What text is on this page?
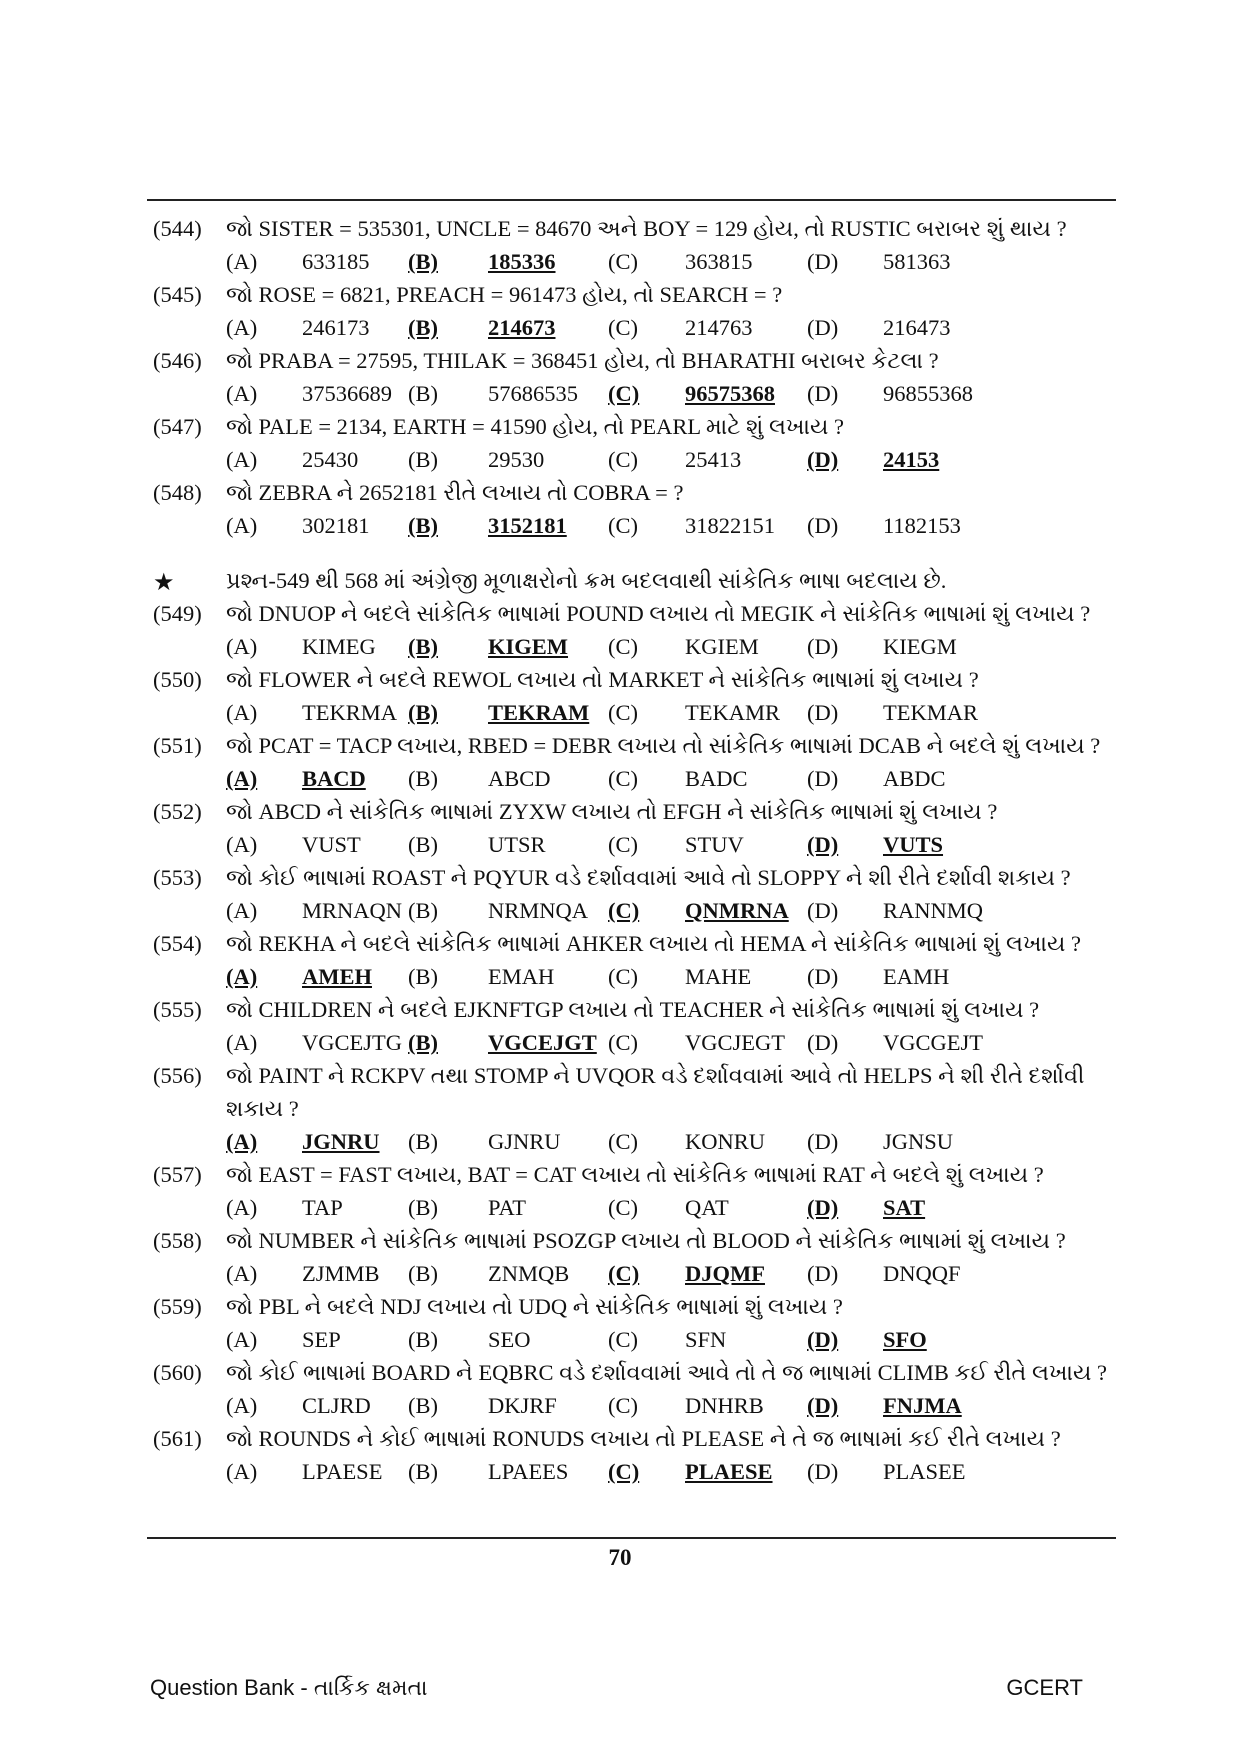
(544) જો SISTER = 535301, UNCLE = 84670 અને BOY = 129 હોય, તો RUSTIC બરાબર શું થાય ?
(A) 633185 (B) 185336 (C) 363815 (D) 581363
(545) જો ROSE = 6821, PREACH = 961473 હોય, તો SEARCH = ?
(A) 246173 (B) 214673 (C) 214763 (D) 216473
(546) જો PRABA = 27595, THILAK = 368451 હોય, તો BHARATHI બરાબર કેટલા ?
(A) 37536689 (B) 57686535 (C) 96575368 (D) 96855368
(547) જો PALE = 2134, EARTH = 41590 હોય, તો PEARL માટે શું લખાય ?
(A) 25430 (B) 29530	(C) 25413	(D) 24153
(548) જો ZEBRA ને 2652181 રીતે લખાય તો COBRA = ?
(A) 302181 (B) 3152181 (C) 31822151 (D) 1182153
★ પ્રશ્ન-549 થી 568 માં અંગ્રેજી મૂળાક્ષરોનો ક્રમ બદલવાથી સાંકેતિક ભાષા બદલાય છે.
(549) જો DNUOP ને બદલે સાંકેતિક ભાષામાં POUND લખાય તો MEGIK ને સાંકેતિક ભાષામાં શું લખાય ?
(A) KIMEG (B) KIGEM (C) KGIEM (D) KIEGM
(550) જો FLOWER ને બદલે REWOL લખાય તો MARKET ને સાંકેતિક ભાષામાં શું લખાય ?
(A) TEKRMA (B) TEKRAM (C) TEKAMR (D) TEKMAR
(551) જો PCAT = TACP લખાય, RBED = DEBR લખાય તો સાંકેતિક ભાષામાં DCAB ને બદલે શું લખાય ?
(A) BACD (B) ABCD	(C) BADC	(D) ABDC
(552) જો ABCD ને સાંકેતિક ભાષામાં ZYXW લખાય તો EFGH ને સાંકેતિક ભાષામાં શું લખાય ?
(A) VUST (B) UTSR	(C) STUV	(D) VUTS
(553) જો કોઈ ભાષામાં ROAST ને PQYUR વડે દર્શાવવામાં આવે તો SLOPPY ને શી રીતે દર્શાવી શકાય ?
(A) MRNAQN (B) NRMNQA (C) QNMRNA (D) RANNMQ
(554) જો REKHA ને બદલે સાંકેતિક ભાષામાં AHKER લખાય તો HEMA ને સાંકેતિક ભાષામાં શું લખાય ?
(A) AMEH (B) EMAH (C) MAHE (D) EAMH
(555) જો CHILDREN ને બદલે EJKNFTGP લખાય તો TEACHER ને સાંકેતિક ભાષામાં શું લખાય ?
(A) VGCEJTG (B) VGCEJGT (C) VGCJEGT (D) VGCGEJT
(556) જો PAINT ને RCKPV તથા STOMP ને UVQOR વડે દર્શાવવામાં આવે તો HELPS ને શી રીતે દર્શાવી
શકાય ?
(A) JGNRU (B) GJNRU (C) KONRU (D) JGNSU
(557) જો EAST = FAST લખાય, BAT = CAT લખાય તો સાંકેતિક ભાષામાં RAT ને બદલે શું લખાય ?
(A) TAP	(B) PAT	(C) QAT	(D) SAT
(558) જો NUMBER ને સાંકેતિક ભાષામાં PSOZGP લખાય તો BLOOD ને સાંકેતિક ભાષામાં શું લખાય ?
(A) ZJMMB (B) ZNMQB (C) DJQMF (D) DNQQF
(559) જો PBL ને બદલે NDJ લખાય તો UDQ ને સાંકેતિક ભાષામાં શું લખાય ?
(A) SEP	(B) SEO	(C) SFN	(D) SFO
(560) જો કોઈ ભાષામાં BOARD ને EQBRC વડે દર્શાવવામાં આવે તો તે જ ભાષામાં CLIMB કઈ રીતે લખાય ?
(A) CLJRD (B) DKJRF (C) DNHRB (D) FNJMA
(561) જો ROUNDS ને કોઈ ભાષામાં RONUDS લખાય તો PLEASE ને તે જ ભાષામાં કઈ રીતે લખાય ?
(A) LPAESE (B) LPAEES (C) PLAESE (D) PLASEE
70
Question Bank - તાર્કિક ક્ષમતા	GCERT
